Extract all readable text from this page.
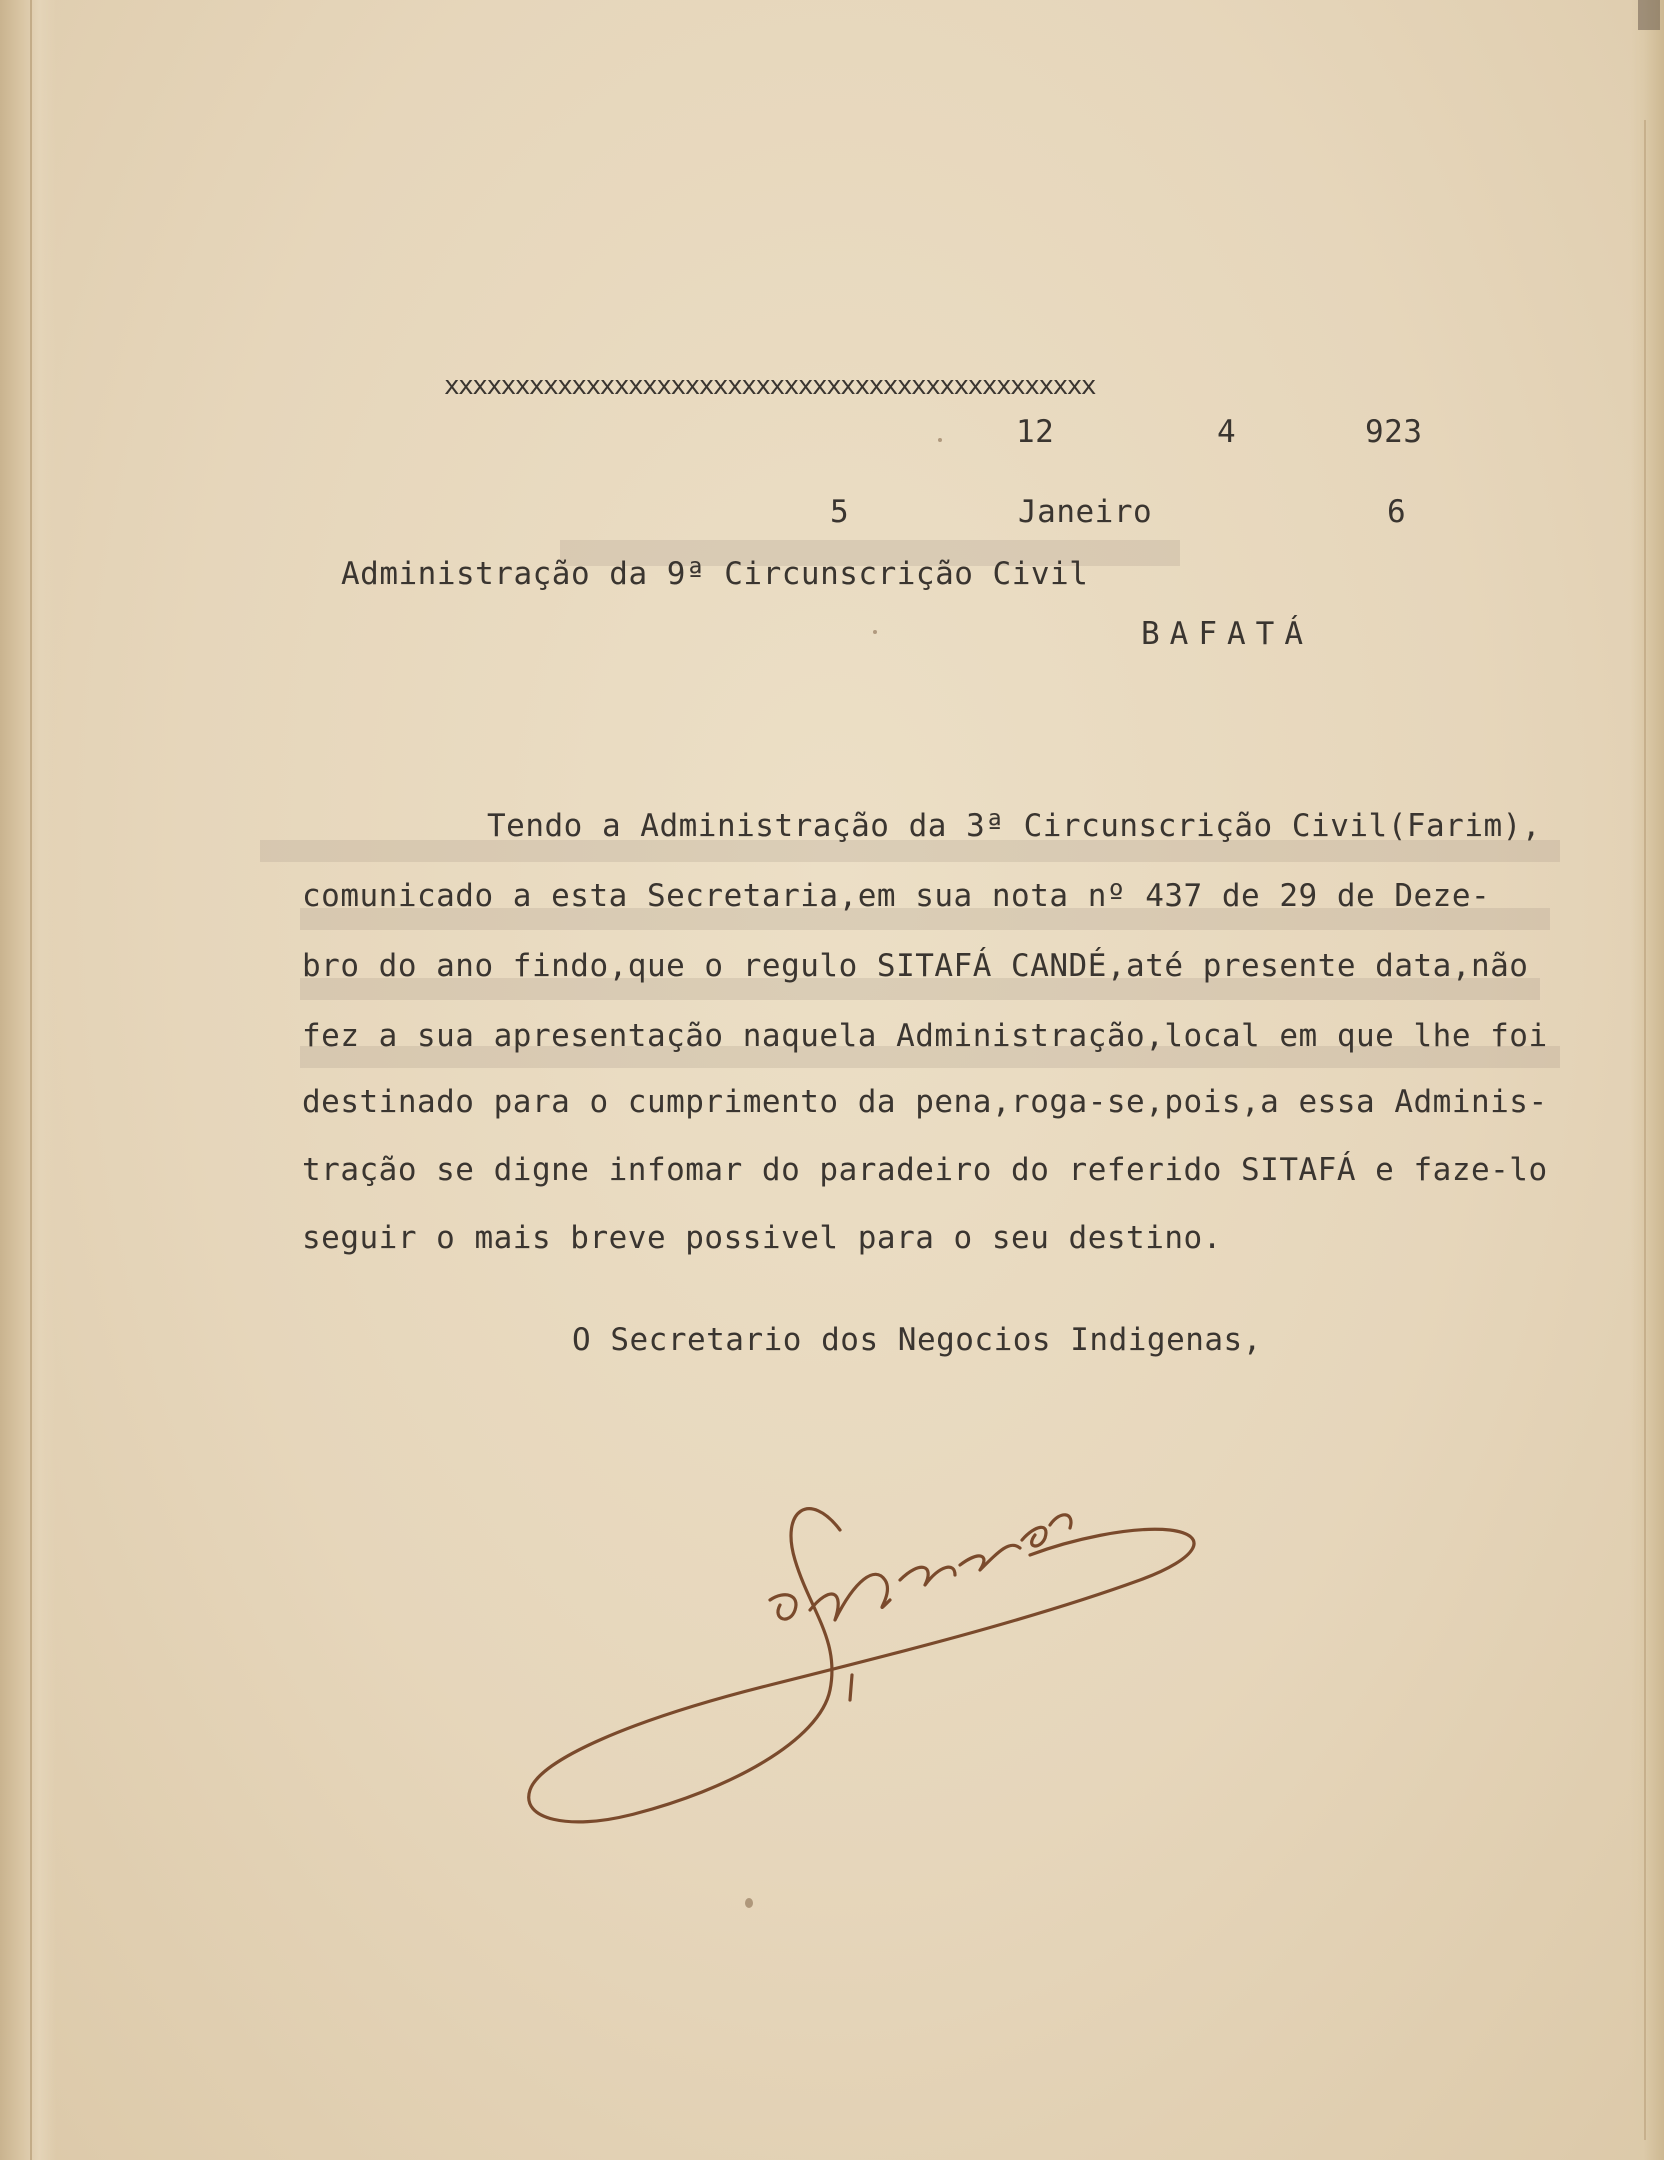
xxxxxxxxxxxxxxxxxxxxxxxxxxxxxxxxxxxxxxxxxxxxxx
12	4	923
5	Janeiro	6
Administração da 9ª Circunscrição Civil
BAFATÁ
Tendo a Administração da 3ª Circunscrição Civil(Farim),
comunicado a esta Secretaria,em sua nota nº 437 de 29 de Deze-
bro do ano findo,que o regulo SITAFÁ CANDÉ,até presente data,não
fez a sua apresentação naquela Administração,local em que lhe foi
destinado para o cumprimento da pena,roga-se,pois,a essa Adminis-
tração se digne infomar do paradeiro do referido SITAFÁ e faze-lo
seguir o mais breve possivel para o seu destino.
O Secretario dos Negocios Indigenas,
